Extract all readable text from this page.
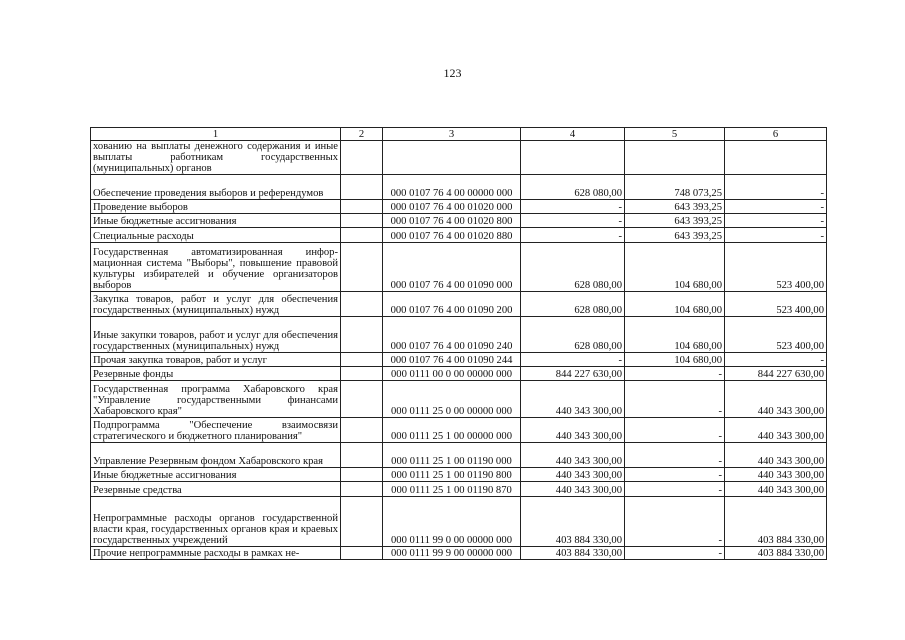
123
1	2	3	4	5	6
хованию на выплаты денежного содержания и иные выплаты работникам государственных (муниципальных) органов					
Обеспечение проведения выборов и референдумов		000 0107 76 4 00 00000 000	628 080,00	748 073,25	-
Проведение выборов		000 0107 76 4 00 01020 000	-	643 393,25	-
Иные бюджетные ассигнования		000 0107 76 4 00 01020 800	-	643 393,25	-
Специальные расходы		000 0107 76 4 00 01020 880	-	643 393,25	-
Государственная автоматизированная информационная система "Выборы", повышение правовой культуры избирателей и обучение организаторов выборов		000 0107 76 4 00 01090 000	628 080,00	104 680,00	523 400,00
Закупка товаров, работ и услуг для обеспечения государственных (муниципальных) нужд		000 0107 76 4 00 01090 200	628 080,00	104 680,00	523 400,00
Иные закупки товаров, работ и услуг для обеспечения государственных (муниципальных) нужд		000 0107 76 4 00 01090 240	628 080,00	104 680,00	523 400,00
Прочая закупка товаров, работ и услуг		000 0107 76 4 00 01090 244	-	104 680,00	-
Резервные фонды		000 0111 00 0 00 00000 000	844 227 630,00	-	844 227 630,00
Государственная программа Хабаровского края "Управление государственными финансами Хабаровского края"		000 0111 25 0 00 00000 000	440 343 300,00	-	440 343 300,00
Подпрограмма "Обеспечение взаимосвязи стратегического и бюджетного планирования"		000 0111 25 1 00 00000 000	440 343 300,00	-	440 343 300,00
Управление Резервным фондом Хабаровского края		000 0111 25 1 00 01190 000	440 343 300,00	-	440 343 300,00
Иные бюджетные ассигнования		000 0111 25 1 00 01190 800	440 343 300,00	-	440 343 300,00
Резервные средства		000 0111 25 1 00 01190 870	440 343 300,00	-	440 343 300,00
Непрограммные расходы органов государственной власти края, государственных органов края и краевых государственных учреждений		000 0111 99 0 00 00000 000	403 884 330,00	-	403 884 330,00
Прочие непрограммные расходы в рамках не-		000 0111 99 9 00 00000 000	403 884 330,00	-	403 884 330,00
